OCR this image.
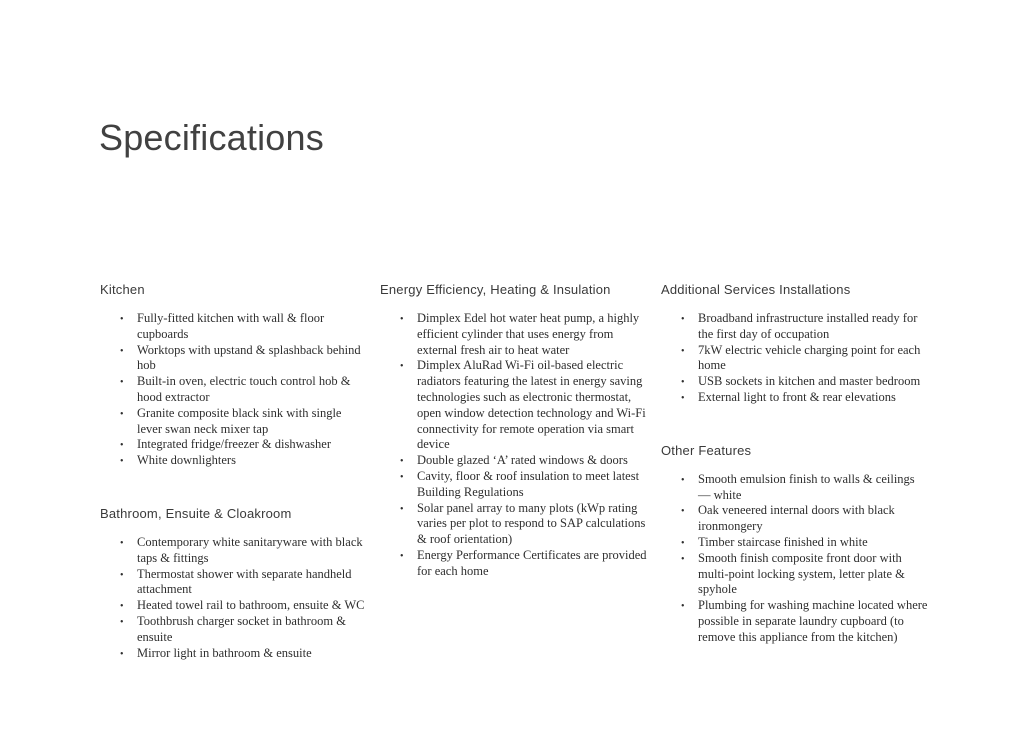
Specifications
Kitchen
• Fully-fitted kitchen with wall & floor cupboards
• Worktops with upstand & splashback behind  hob
• Built-in oven, electric touch control hob & hood extractor
• Granite composite black sink with single lever swan neck mixer tap
• Integrated fridge/freezer & dishwasher
• White downlighters
Bathroom, Ensuite & Cloakroom
• Contemporary white sanitaryware with black taps & fittings
• Thermostat shower with separate handheld attachment
• Heated towel rail to bathroom, ensuite & WC
• Toothbrush charger socket in bathroom & ensuite
• Mirror light in bathroom & ensuite
Energy Efficiency, Heating & Insulation
• Dimplex Edel hot water heat pump, a highly efficient cylinder that uses energy from external fresh air to heat water
• Dimplex AluRad Wi-Fi oil-based electric radiators featuring the latest in energy saving technologies such as electronic thermostat, open window detection technology and Wi-Fi connectivity for remote operation via smart device
• Double glazed ‘A’ rated windows & doors
• Cavity, floor & roof insulation to meet latest Building Regulations
• Solar panel array to many plots (kWp rating varies per plot to respond to SAP calculations & roof orientation)
• Energy Performance Certificates are provided for each home
Additional Services Installations
• Broadband infrastructure installed ready for the first day of occupation
• 7kW electric vehicle charging point for each home
• USB sockets in kitchen and master bedroom
• External light to front & rear elevations
Other Features
• Smooth emulsion finish to walls & ceilings — white
• Oak veneered internal doors with black ironmongery
• Timber staircase finished in white
• Smooth finish composite front door with multi-point locking system, letter plate & spyhole
• Plumbing for washing machine located where possible in separate laundry cupboard (to remove this appliance from the kitchen)
